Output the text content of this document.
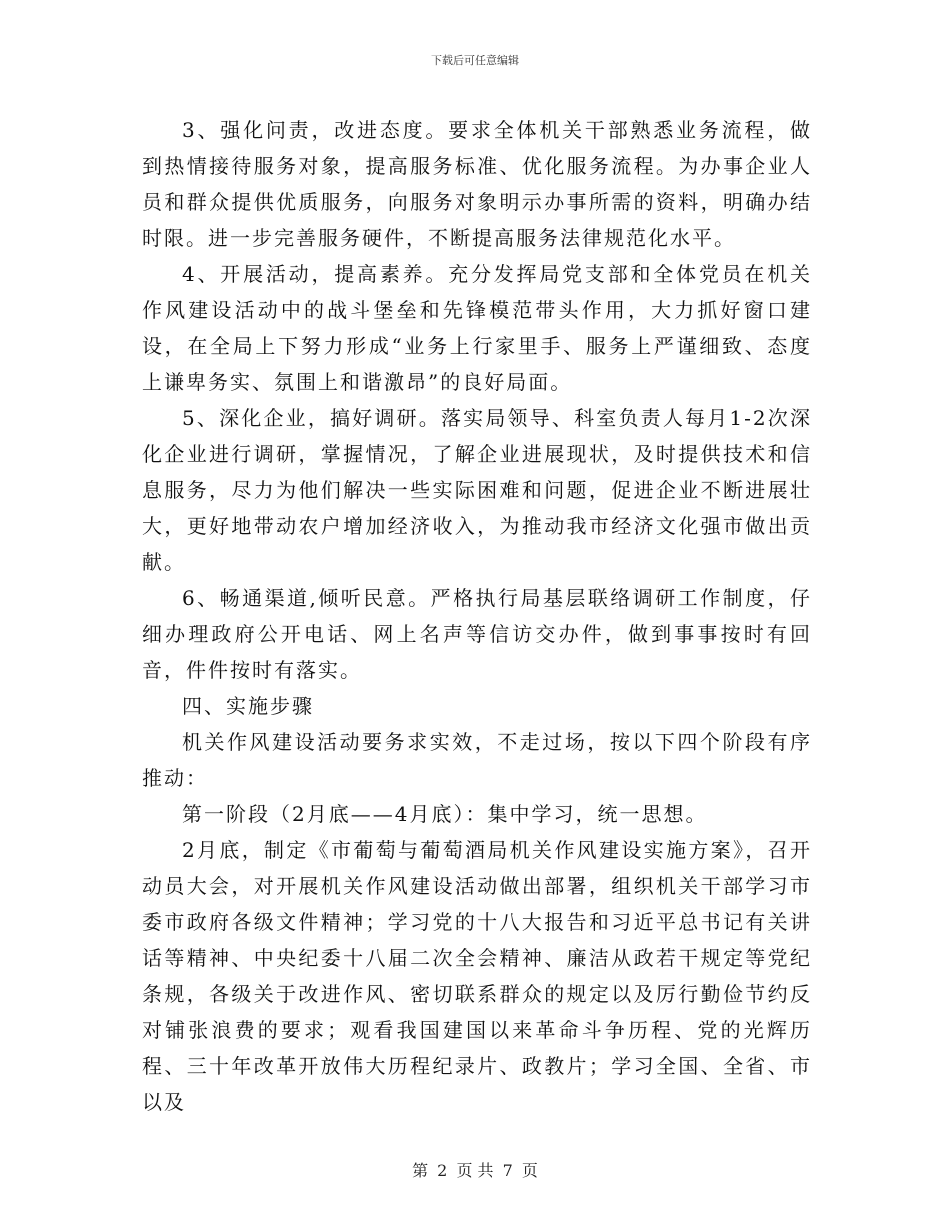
下载后可任意编辑

3、强化问责，改进态度。要求全体机关干部熟悉业务流程，做到热情接待服务对象，提高服务标准、优化服务流程。为办事企业人员和群众提供优质服务，向服务对象明示办事所需的资料，明确办结时限。进一步完善服务硬件，不断提高服务法律规范化水平。

4、开展活动，提高素养。充分发挥局党支部和全体党员在机关作风建设活动中的战斗堡垒和先锋模范带头作用，大力抓好窗口建设，在全局上下努力形成“业务上行家里手、服务上严谨细致、态度上谦卑务实、氛围上和谐激昂”的良好局面。

5、深化企业，搞好调研。落实局领导、科室负责人每月1-2次深化企业进行调研，掌握情况，了解企业进展现状，及时提供技术和信息服务，尽力为他们解决一些实际困难和问题，促进企业不断进展壮大，更好地带动农户增加经济收入，为推动我市经济文化强市做出贡献。

6、畅通渠道,倾听民意。严格执行局基层联络调研工作制度，仔细办理政府公开电话、网上名声等信访交办件，做到事事按时有回音，件件按时有落实。

四、实施步骤

机关作风建设活动要务求实效，不走过场，按以下四个阶段有序推动：

第一阶段（2月底——4月底）：集中学习，统一思想。

2月底，制定《市葡萄与葡萄酒局机关作风建设实施方案》，召开动员大会，对开展机关作风建设活动做出部署，组织机关干部学习市委市政府各级文件精神；学习党的十八大报告和习近平总书记有关讲话等精神、中央纪委十八届二次全会精神、廉洁从政若干规定等党纪条规，各级关于改进作风、密切联系群众的规定以及厉行勤俭节约反对铺张浪费的要求；观看我国建国以来革命斗争历程、党的光辉历程、三十年改革开放伟大历程纪录片、政教片；学习全国、全省、市以及

第 2 页 共 7 页
